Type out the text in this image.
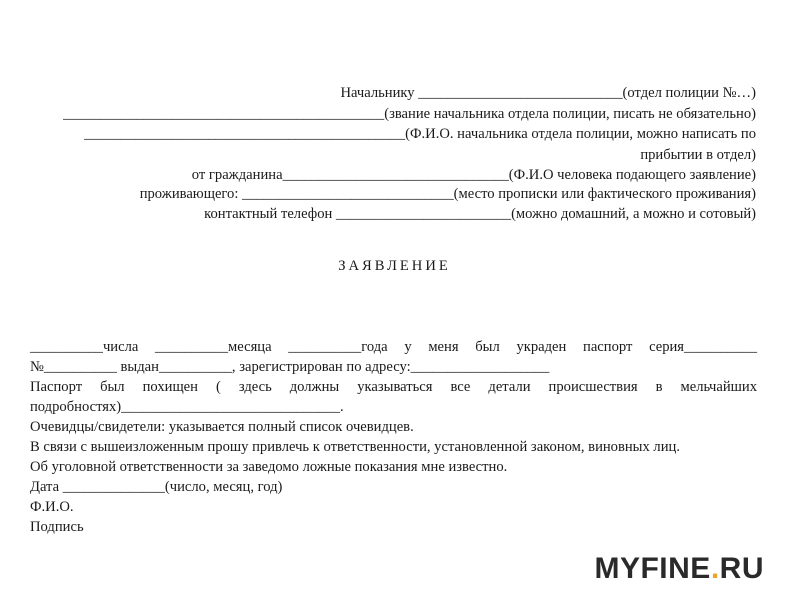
Начальнику ____________________________(отдел полиции №…)
____________________________________________(звание начальника отдела полиции, писать не обязательно)
____________________________________________(Ф.И.О. начальника отдела полиции, можно написать по
прибытии в отдел)
от гражданина_______________________________(Ф.И.О человека подающего заявление)
проживающего: _____________________________(место прописки или фактического проживания)
контактный телефон ________________________(можно домашний, а можно и сотовый)
ЗАЯВЛЕНИЕ
__________числа __________месяца __________года у меня был украден паспорт серия__________
№__________ выдан__________, зарегистрирован по адресу:___________________
Паспорт был похищен ( здесь должны указываться все детали происшествия в мельчайших
подробностях)______________________________.
Очевидцы/свидетели: указывается полный список очевидцев.
В связи с вышеизложенным прошу привлечь к ответственности, установленной законом, виновных лиц.
Об уголовной ответственности за заведомо ложные показания мне известно.
Дата ______________(число, месяц, год)
Ф.И.О.
Подпись
MYFINE.RU
